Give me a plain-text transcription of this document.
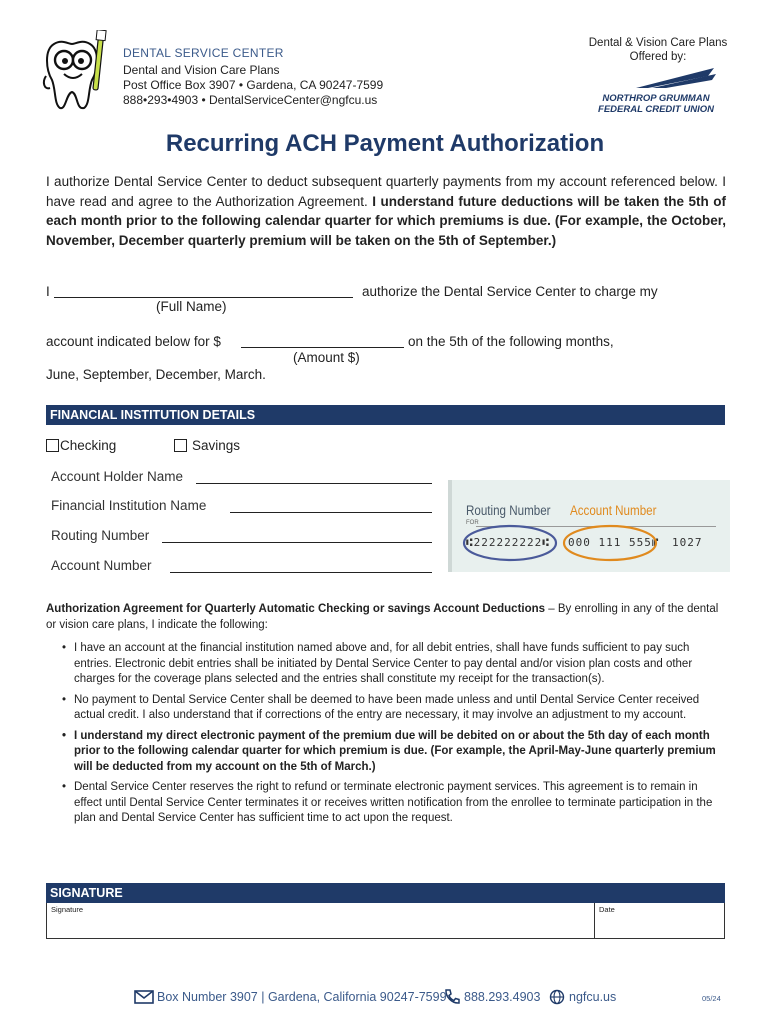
DENTAL SERVICE CENTER
Dental and Vision Care Plans
Post Office Box 3907 • Gardena, CA 90247-7599
888•293•4903 • DentalServiceCenter@ngfcu.us
Dental & Vision Care Plans
Offered by:
NORTHROP GRUMMAN
FEDERAL CREDIT UNION
Recurring ACH Payment Authorization
I authorize Dental Service Center to deduct subsequent quarterly payments from my account referenced below. I have read and agree to the Authorization Agreement. I understand future deductions will be taken the 5th of each month prior to the following calendar quarter for which premiums is due. (For example, the October, November, December quarterly premium will be taken on the 5th of September.)
I	authorize the Dental Service Center to charge my
(Full Name)
account indicated below for $	on the 5th of the following months,
(Amount $)
June, September, December, March.
FINANCIAL INSTITUTION DETAILS
Checking	Savings
Account Holder Name
Financial Institution Name
Routing Number
Account Number
Routing Number Account Number
FOR
⑆222222222⑆ 000 111 555⑈ 1027
Authorization Agreement for Quarterly Automatic Checking or savings Account Deductions – By enrolling in any of the dental or vision care plans, I indicate the following:
• I have an account at the financial institution named above and, for all debit entries, shall have funds sufficient to pay such entries. Electronic debit entries shall be initiated by Dental Service Center to pay dental and/or vision plan costs and other charges for the coverage plans selected and the entries shall constitute my receipt for the transaction(s).
• No payment to Dental Service Center shall be deemed to have been made unless and until Dental Service Center received actual credit. I also understand that if corrections of the entry are necessary, it may involve an adjustment to my account.
• I understand my direct electronic payment of the premium due will be debited on or about the 5th day of each month prior to the following calendar quarter for which premium is due. (For example, the April-May-June quarterly premium will be deducted from my account on the 5th of March.)
• Dental Service Center reserves the right to refund or terminate electronic payment services. This agreement is to remain in effect until Dental Service Center terminates it or receives written notification from the enrollee to terminate participation in the plan and Dental Service Center has sufficient time to act upon the request.
SIGNATURE
Signature	Date
Box Number 3907 | Gardena, California 90247-7599 888.293.4903 ngfcu.us	05/24
